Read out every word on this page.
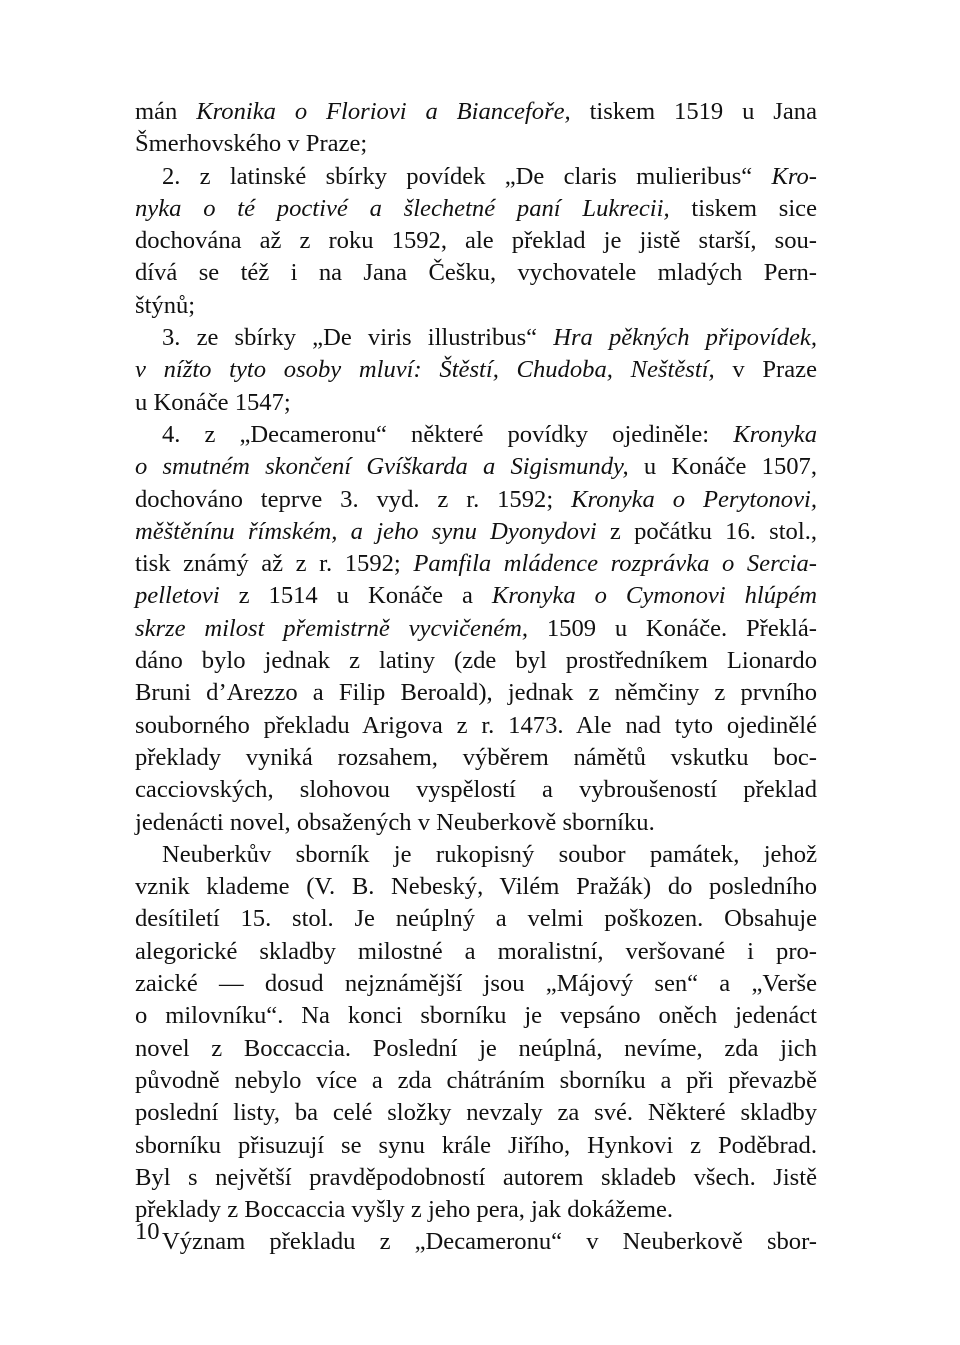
mán Kronika o Floriovi a Biancefoře, tiskem 1519 u Jana
Šmerhovského v Praze;
2. z latinské sbírky povídek „De claris mulieribus“ Kro-
nyka o té poctivé a šlechetné paní Lukrecii, tiskem sice
dochována až z roku 1592, ale překlad je jistě starší, sou-
dívá se též i na Jana Češku, vychovatele mladých Pern-
štýnů;
3. ze sbírky „De viris illustribus“ Hra pěkných připovídek,
v nížto tyto osoby mluví: Štěstí, Chudoba, Neštěstí, v Praze
u Konáče 1547;
4. z „Decameronu“ některé povídky ojediněle: Kronyka
o smutném skončení Gvíškarda a Sigismundy, u Konáče 1507,
dochováno teprve 3. vyd. z r. 1592; Kronyka o Perytonovi,
měštěnínu římském, a jeho synu Dyonydovi z počátku 16. stol.,
tisk známý až z r. 1592; Pamfila mládence rozprávka o Sercia-
pelletovi z 1514 u Konáče a Kronyka o Cymonovi hlúpém
skrze milost přemistrně vycvičeném, 1509 u Konáče. Překlá-
dáno bylo jednak z latiny (zde byl prostředníkem Lionardo
Bruni d’Arezzo a Filip Beroald), jednak z němčiny z prvního
souborného překladu Arigova z r. 1473. Ale nad tyto ojedinělé
překlady vyniká rozsahem, výběrem námětů vskutku boc-
cacciovských, slohovou vyspělostí a vybroušeností překlad
jedenácti novel, obsažených v Neuberkově sborníku.
Neuberkův sborník je rukopisný soubor památek, jehož
vznik klademe (V. B. Nebeský, Vilém Pražák) do posledního
desítiletí 15. stol. Je neúplný a velmi poškozen. Obsahuje
alegorické skladby milostné a moralistní, veršované i pro-
zaické — dosud nejznámější jsou „Májový sen“ a „Verše
o milovníku“. Na konci sborníku je vepsáno oněch jedenáct
novel z Boccaccia. Poslední je neúplná, nevíme, zda jich
původně nebylo více a zda chátráním sborníku a při převazbě
poslední listy, ba celé složky nevzaly za své. Některé skladby
sborníku přisuzují se synu krále Jiřího, Hynkovi z Poděbrad.
Byl s největší pravděpodobností autorem skladeb všech. Jistě
překlady z Boccaccia vyšly z jeho pera, jak dokážeme.
Význam překladu z „Decameronu“ v Neuberkově sbor-
10
